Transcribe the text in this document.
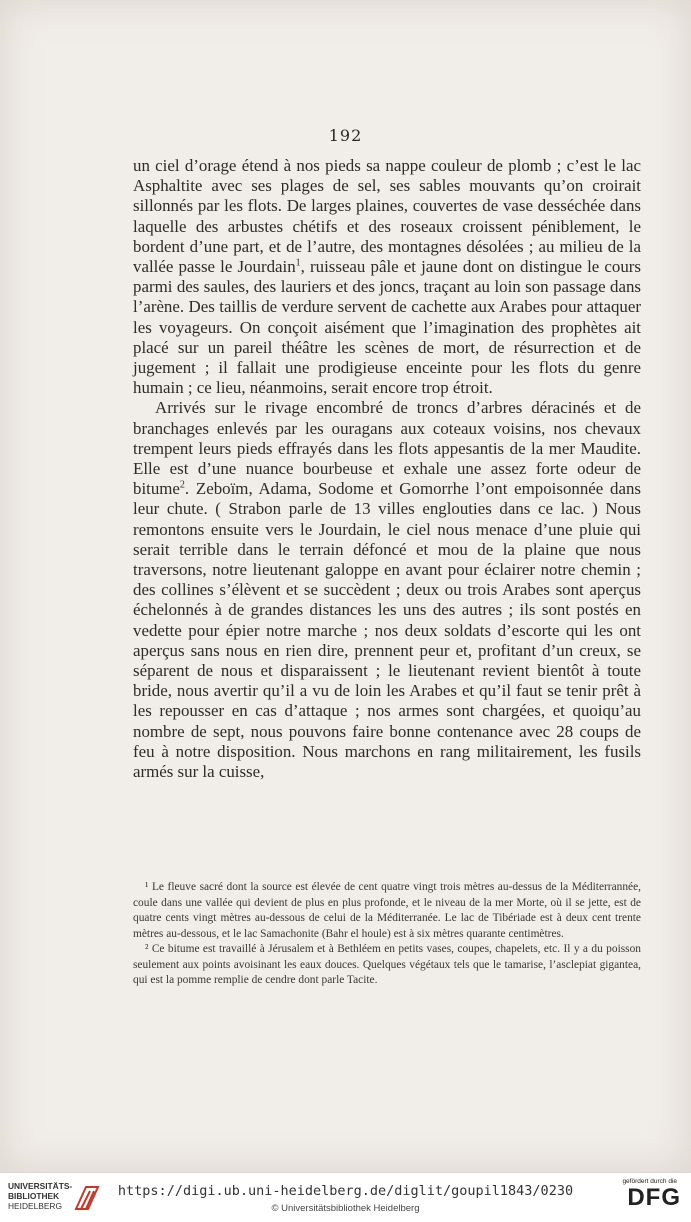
192

un ciel d’orage étend à nos pieds sa nappe couleur de plomb ; c’est le lac Asphaltite avec ses plages de sel, ses sables mouvants qu’on croirait sillonnés par les flots. De larges plaines, couvertes de vase desséchée dans laquelle des arbustes chétifs et des roseaux croissent péniblement, le bordent d’une part, et de l’autre, des montagnes désolées ; au milieu de la vallée passe le Jourdain$^1$, ruisseau pâle et jaune dont on distingue le cours parmi des saules, des lauriers et des joncs, traçant au loin son passage dans l’arène. Des taillis de verdure servent de cachette aux Arabes pour attaquer les voyageurs. On conçoit aisément que l’imagination des prophètes ait placé sur un pareil théâtre les scènes de mort, de résurrection et de jugement ; il fallait une prodigieuse enceinte pour les flots du genre humain ; ce lieu, néanmoins, serait encore trop étroit.

Arrivés sur le rivage encombré de troncs d’arbres déracinés et de branchages enlevés par les ouragans aux coteaux voisins, nos chevaux trempent leurs pieds effrayés dans les flots appesantis de la mer Maudite. Elle est d’une nuance bourbeuse et exhale une assez forte odeur de bitume$^2$. Zeboïm, Adama, Sodome et Gomorrhe l’ont empoisonnée dans leur chute. ( Strabon parle de 13 villes englouties dans ce lac. ) Nous remontons ensuite vers le Jourdain, le ciel nous menace d’une pluie qui serait terrible dans le terrain défoncé et mou de la plaine que nous traversons, notre lieutenant galoppe en avant pour éclairer notre chemin ; des collines s’élèvent et se succèdent ; deux ou trois Arabes sont aperçus échelonnés à de grandes distances les uns des autres ; ils sont postés en vedette pour épier notre marche ; nos deux soldats d’escorte qui les ont aperçus sans nous en rien dire, prennent peur et, profitant d’un creux, se séparent de nous et disparaissent ; le lieutenant revient bientôt à toute bride, nous avertir qu’il a vu de loin les Arabes et qu’il faut se tenir prêt à les repousser en cas d’attaque ; nos armes sont chargées, et quoiqu’au nombre de sept, nous pouvons faire bonne contenance avec 28 coups de feu à notre disposition. Nous marchons en rang militairement, les fusils armés sur la cuisse,

¹ Le fleuve sacré dont la source est élevée de cent quatre vingt trois mètres au-dessus de la Méditerrannée, coule dans une vallée qui devient de plus en plus profonde, et le niveau de la mer Morte, où il se jette, est de quatre cents vingt mètres au-dessous de celui de la Méditerranée. Le lac de Tibériade est à deux cent trente mètres au-dessous, et le lac Samachonite (Bahr el houle) est à six mètres quarante centimètres.

² Ce bitume est travaillé à Jérusalem et à Bethléem en petits vases, coupes, chapelets, etc. Il y a du poisson seulement aux points avoisinant les eaux douces. Quelques végétaux tels que le tamarise, l’asclepiat gigantea, qui est la pomme remplie de cendre dont parle Tacite.

UNIVERSITÄTS-
BIBLIOTHEK
HEIDELBERG
https://digi.ub.uni-heidelberg.de/diglit/goupil1843/0230
© Universitätsbibliothek Heidelberg
gefördert durch die
DFG
